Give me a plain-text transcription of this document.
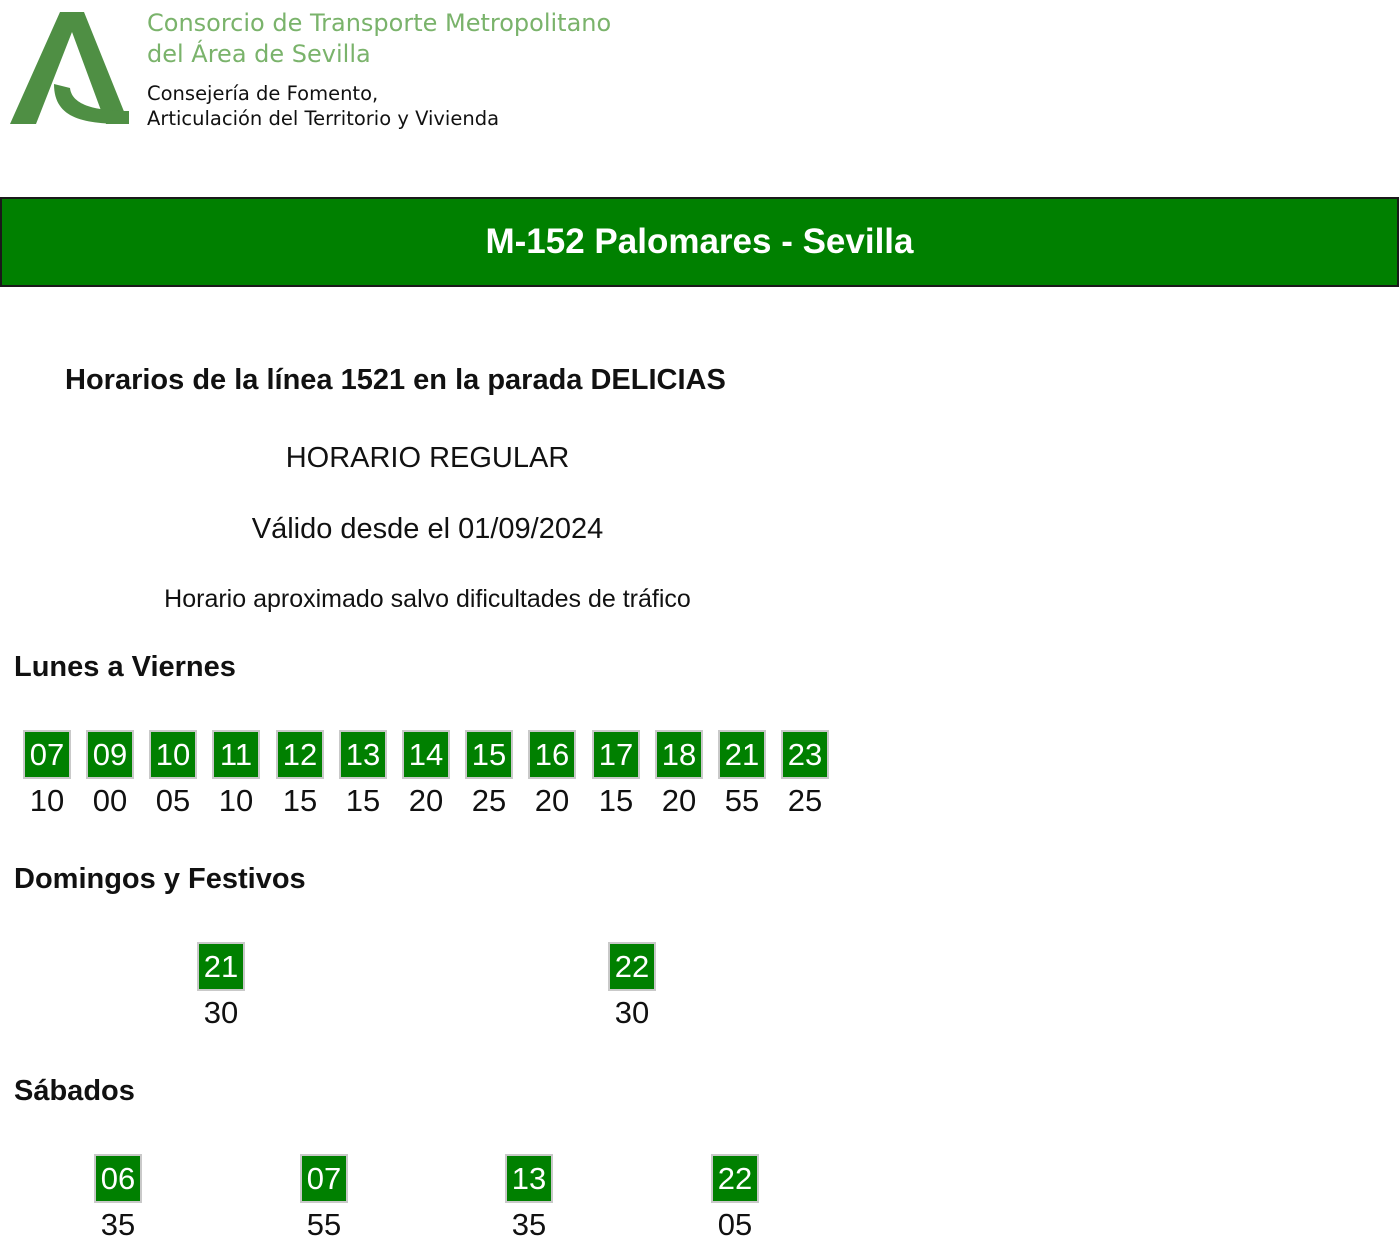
Consorcio de Transporte Metropolitano
del Área de Sevilla
Consejería de Fomento,
Articulación del Territorio y Vivienda
M-152 Palomares - Sevilla
Horarios de la línea 1521 en la parada DELICIAS
HORARIO REGULAR
Válido desde el 01/09/2024
Horario aproximado salvo dificultades de tráfico
Lunes a Viernes
07
10
09
00
10
05
11
10
12
15
13
15
14
20
15
25
16
20
17
15
18
20
21
55
23
25
Domingos y Festivos
21
30
22
30
Sábados
06
35
07
55
13
35
22
05
